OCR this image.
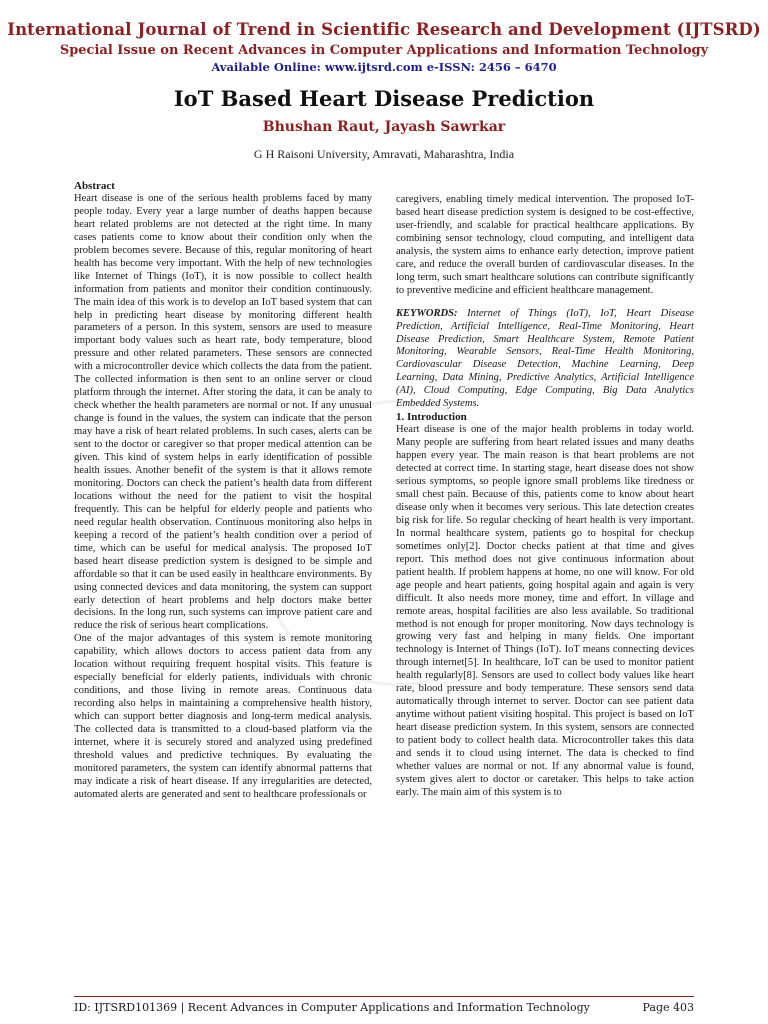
International Journal of Trend in Scientific Research and Development (IJTSRD)
Special Issue on Recent Advances in Computer Applications and Information Technology
Available Online: www.ijtsrd.com e-ISSN: 2456 – 6470
IoT Based Heart Disease Prediction
Bhushan Raut, Jayash Sawrkar
G H Raisoni University, Amravati, Maharashtra, India

Abstract

Heart disease is one of the serious health problems faced by many people today. Every year a large number of deaths happen because heart related problems are not detected at the right time. In many cases patients come to know about their condition only when the problem becomes severe. Because of this, regular monitoring of heart health has become very important. With the help of new technologies like Internet of Things (IoT), it is now possible to collect health information from patients and monitor their condition continuously. The main idea of this work is to develop an IoT based system that can help in predicting heart disease by monitoring different health parameters of a person. In this system, sensors are used to measure important body values such as heart rate, body temperature, blood pressure and other related parameters. These sensors are connected with a microcontroller device which collects the data from the patient. The collected information is then sent to an online server or cloud platform through the internet. After storing the data, it can be analy to check whether the health parameters are normal or not. If any unusual change is found in the values, the system can indicate that the person may have a risk of heart related problems. In such cases, alerts can be sent to the doctor or caregiver so that proper medical attention can be given. This kind of system helps in early identification of possible health issues. Another benefit of the system is that it allows remote monitoring. Doctors can check the patient’s health data from different locations without the need for the patient to visit the hospital frequently. This can be helpful for elderly people and patients who need regular health observation. Continuous monitoring also helps in keeping a record of the patient’s health condition over a period of time, which can be useful for medical analysis. The proposed IoT based heart disease prediction system is designed to be simple and affordable so that it can be used easily in healthcare environments. By using connected devices and data monitoring, the system can support early detection of heart problems and help doctors make better decisions. In the long run, such systems can improve patient care and reduce the risk of serious heart complications.

One of the major advantages of this system is remote monitoring capability, which allows doctors to access patient data from any location without requiring frequent hospital visits. This feature is especially beneficial for elderly patients, individuals with chronic conditions, and those living in remote areas. Continuous data recording also helps in maintaining a comprehensive health history, which can support better diagnosis and long-term medical analysis. The collected data is transmitted to a cloud-based platform via the internet, where it is securely stored and analyzed using predefined threshold values and predictive techniques. By evaluating the monitored parameters, the system can identify abnormal patterns that may indicate a risk of heart disease. If any irregularities are detected, automated alerts are generated and sent to healthcare professionals or

caregivers, enabling timely medical intervention. The proposed IoT-based heart disease prediction system is designed to be cost-effective, user-friendly, and scalable for practical healthcare applications. By combining sensor technology, cloud computing, and intelligent data analysis, the system aims to enhance early detection, improve patient care, and reduce the overall burden of cardiovascular diseases. In the long term, such smart healthcare solutions can contribute significantly to preventive medicine and efficient healthcare management.

KEYWORDS: Internet of Things (IoT), IoT, Heart Disease Prediction, Artificial Intelligence, Real-Time Monitoring, Heart Disease Prediction, Smart Healthcare System, Remote Patient Monitoring, Wearable Sensors, Real-Time Health Monitoring, Cardiovascular Disease Detection, Machine Learning, Deep Learning, Data Mining, Predictive Analytics, Artificial Intelligence (AI), Cloud Computing, Edge Computing, Big Data Analytics Embedded Systems.

1. Introduction

Heart disease is one of the major health problems in today world. Many people are suffering from heart related issues and many deaths happen every year. The main reason is that heart problems are not detected at correct time. In starting stage, heart disease does not show serious symptoms, so people ignore small problems like tiredness or small chest pain. Because of this, patients come to know about heart disease only when it becomes very serious. This late detection creates big risk for life. So regular checking of heart health is very important. In normal healthcare system, patients go to hospital for checkup sometimes only[2]. Doctor checks patient at that time and gives report. This method does not give continuous information about patient health. If problem happens at home, no one will know. For old age people and heart patients, going hospital again and again is very difficult. It also needs more money, time and effort. In village and remote areas, hospital facilities are also less available. So traditional method is not enough for proper monitoring. Now days technology is growing very fast and helping in many fields. One important technology is Internet of Things (IoT). IoT means connecting devices through internet[5]. In healthcare, IoT can be used to monitor patient health regularly[8]. Sensors are used to collect body values like heart rate, blood pressure and body temperature. These sensors send data automatically through internet to server. Doctor can see patient data anytime without patient visiting hospital. This project is based on IoT heart disease prediction system. In this system, sensors are connected to patient body to collect health data. Microcontroller takes this data and sends it to cloud using internet. The data is checked to find whether values are normal or not. If any abnormal value is found, system gives alert to doctor or caretaker. This helps to take action early. The main aim of this system is to

ID: IJTSRD101369 | Recent Advances in Computer Applications and Information Technology	Page 403
